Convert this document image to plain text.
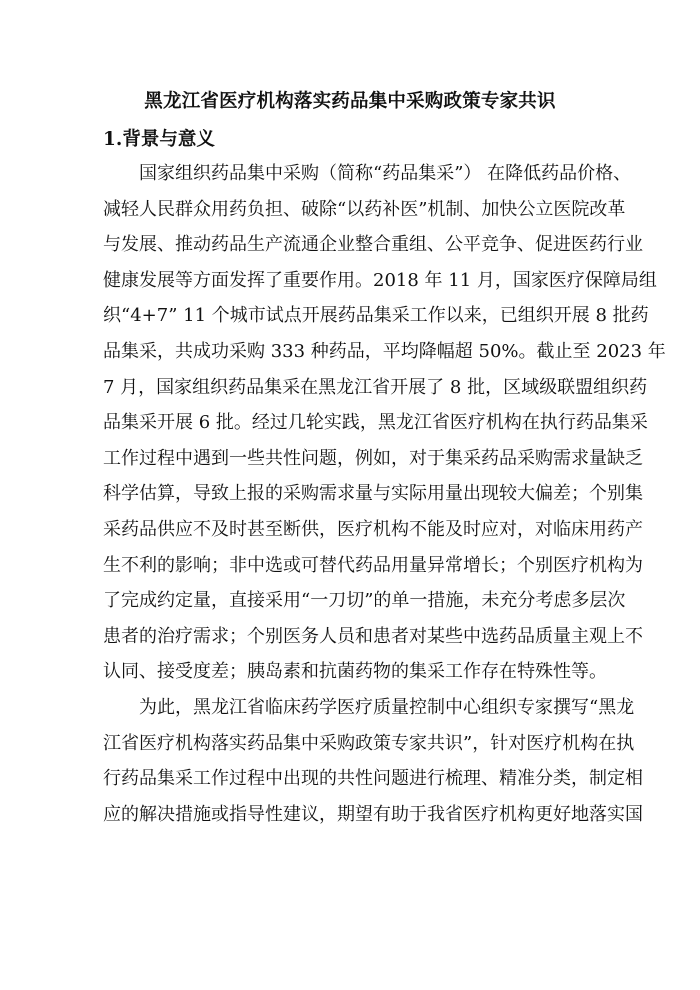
黑龙江省医疗机构落实药品集中采购政策专家共识
1.背景与意义
国家组织药品集中采购（简称“药品集采”） 在降低药品价格、
减轻人民群众用药负担、破除“以药补医”机制、加快公立医院改革
与发展、推动药品生产流通企业整合重组、公平竞争、促进医药行业
健康发展等方面发挥了重要作用。2018 年 11 月，国家医疗保障局组
织“4+7” 11 个城市试点开展药品集采工作以来，已组织开展 8 批药
品集采，共成功采购 333 种药品，平均降幅超 50%。截止至 2023 年
7 月，国家组织药品集采在黑龙江省开展了 8 批，区域级联盟组织药
品集采开展 6 批。经过几轮实践，黑龙江省医疗机构在执行药品集采
工作过程中遇到一些共性问题，例如，对于集采药品采购需求量缺乏
科学估算，导致上报的采购需求量与实际用量出现较大偏差；个别集
采药品供应不及时甚至断供，医疗机构不能及时应对，对临床用药产
生不利的影响；非中选或可替代药品用量异常增长；个别医疗机构为
了完成约定量，直接采用“一刀切”的单一措施，未充分考虑多层次
患者的治疗需求；个别医务人员和患者对某些中选药品质量主观上不
认同、接受度差；胰岛素和抗菌药物的集采工作存在特殊性等。
为此，黑龙江省临床药学医疗质量控制中心组织专家撰写“黑龙
江省医疗机构落实药品集中采购政策专家共识”，针对医疗机构在执
行药品集采工作过程中出现的共性问题进行梳理、精准分类，制定相
应的解决措施或指导性建议，期望有助于我省医疗机构更好地落实国
